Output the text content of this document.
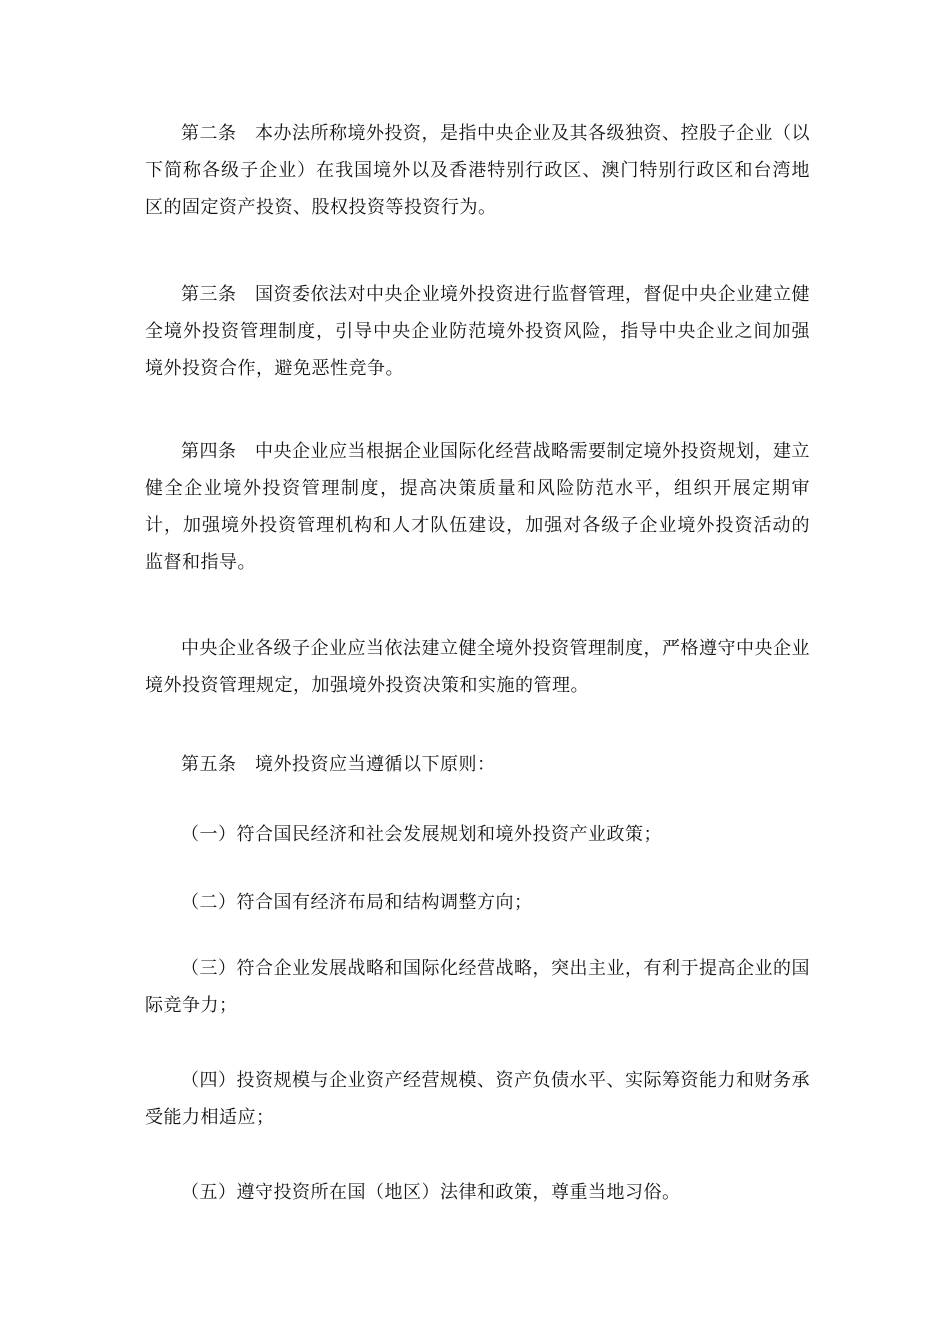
第二条　本办法所称境外投资，是指中央企业及其各级独资、控股子企业（以下简称各级子企业）在我国境外以及香港特别行政区、澳门特别行政区和台湾地区的固定资产投资、股权投资等投资行为。

第三条　国资委依法对中央企业境外投资进行监督管理，督促中央企业建立健全境外投资管理制度，引导中央企业防范境外投资风险，指导中央企业之间加强境外投资合作，避免恶性竞争。

第四条　中央企业应当根据企业国际化经营战略需要制定境外投资规划，建立健全企业境外投资管理制度，提高决策质量和风险防范水平，组织开展定期审计，加强境外投资管理机构和人才队伍建设，加强对各级子企业境外投资活动的监督和指导。

中央企业各级子企业应当依法建立健全境外投资管理制度，严格遵守中央企业境外投资管理规定，加强境外投资决策和实施的管理。

第五条　境外投资应当遵循以下原则：

（一）符合国民经济和社会发展规划和境外投资产业政策；

（二）符合国有经济布局和结构调整方向；

（三）符合企业发展战略和国际化经营战略，突出主业，有利于提高企业的国际竞争力；

（四）投资规模与企业资产经营规模、资产负债水平、实际筹资能力和财务承受能力相适应；

（五）遵守投资所在国（地区）法律和政策，尊重当地习俗。
